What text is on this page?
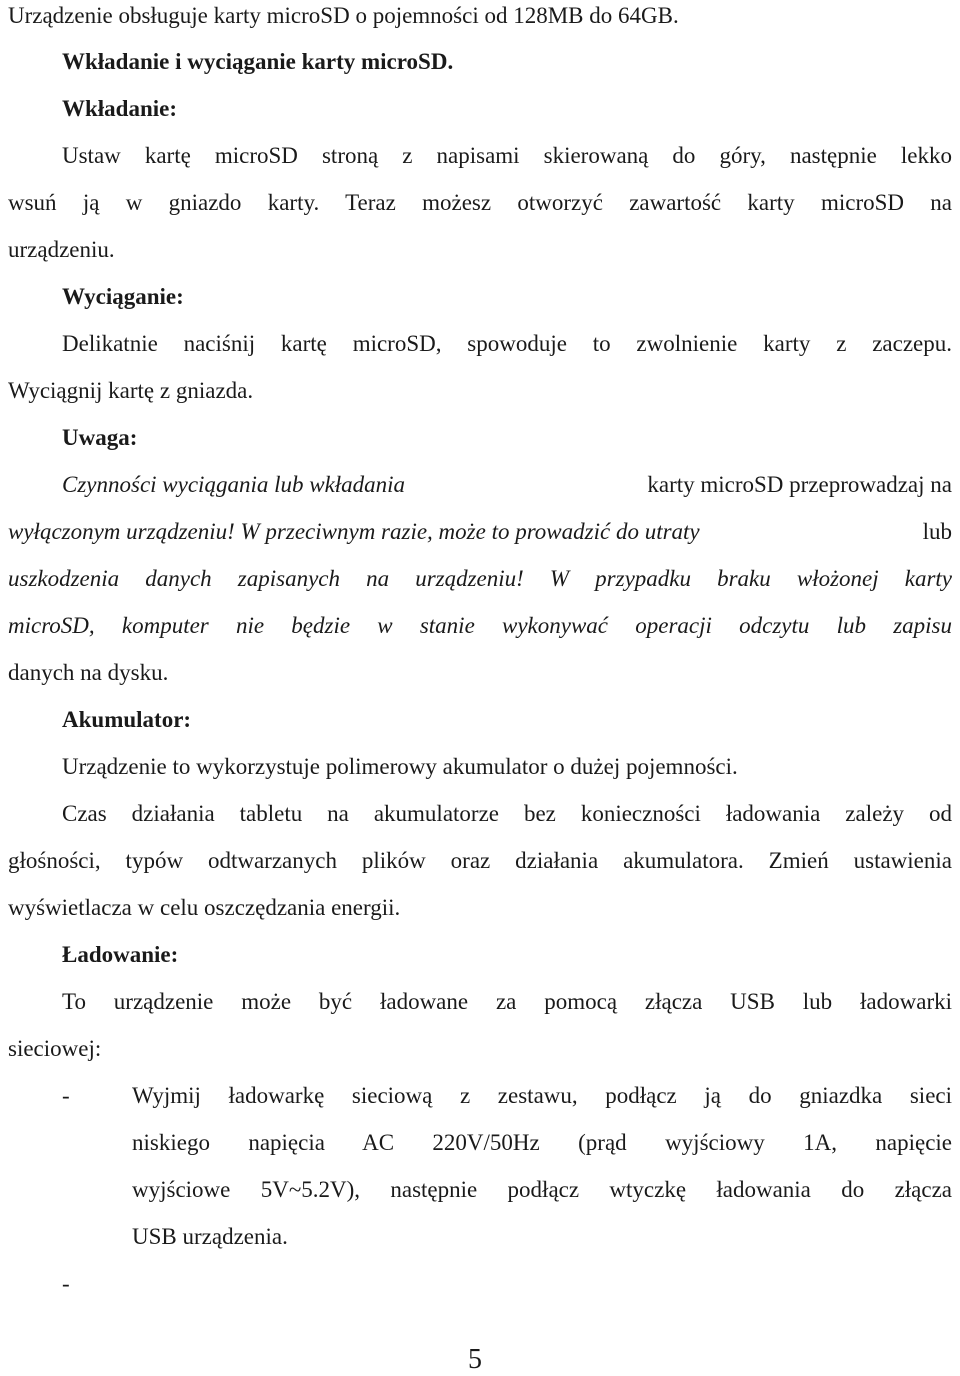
Urządzenie obsługuje karty microSD o pojemności od 128MB do 64GB.

Wkładanie i wyciąganie karty microSD.

Wkładanie:

Ustaw kartę microSD stroną z napisami skierowaną do góry, następnie lekko

wsuń ją w gniazdo karty. Teraz możesz otworzyć zawartość karty microSD na

urządzeniu.

Wyciąganie:

Delikatnie naciśnij kartę microSD, spowoduje to zwolnienie karty z zaczepu.

Wyciągnij kartę z gniazda.

Uwaga:

Czynności wyciągania lub wkładania	karty microSD przeprowadzaj na

wyłączonym urządzeniu! W przeciwnym razie, może to prowadzić do utraty	lub

uszkodzenia danych zapisanych na urządzeniu! W przypadku braku włożonej karty

microSD, komputer nie będzie w stanie wykonywać operacji odczytu lub zapisu

danych na dysku.

Akumulator:

Urządzenie to wykorzystuje polimerowy akumulator o dużej pojemności.

Czas działania tabletu na akumulatorze bez konieczności ładowania zależy od

głośności, typów odtwarzanych plików oraz działania akumulatora. Zmień ustawienia

wyświetlacza w celu oszczędzania energii.

Ładowanie:

To urządzenie może być ładowane za pomocą złącza USB lub ładowarki

sieciowej:

-	Wyjmij ładowarkę sieciową z zestawu, podłącz ją do gniazdka sieci

niskiego napięcia AC 220V/50Hz (prąd wyjściowy 1A, napięcie

wyjściowe 5V~5.2V), następnie podłącz wtyczkę ładowania do złącza

USB urządzenia.

-

5
